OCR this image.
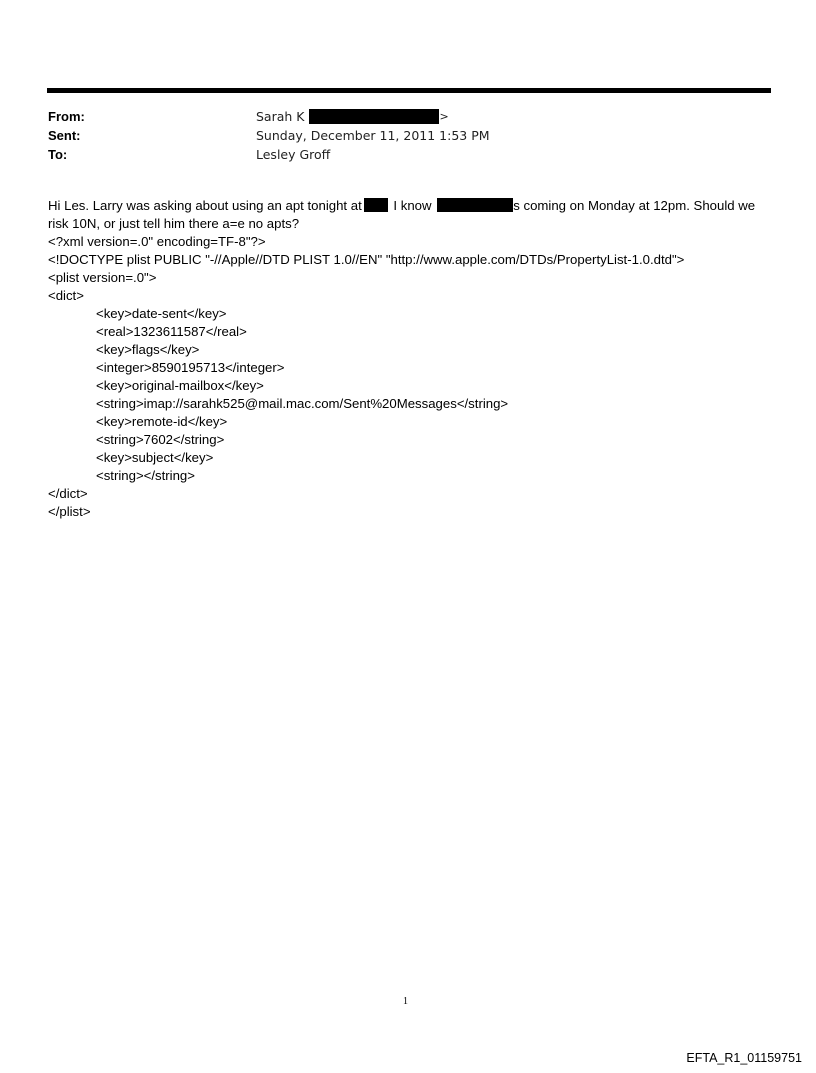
From:	Sarah K	>
Sent:	Sunday, December 11, 2011 1:53 PM
To:	Lesley Groff
Hi Les. Larry was asking about using an apt tonight at I know	s coming on Monday at 12pm. Should we
risk 10N, or just tell him there a=e no apts?
<?xml version=.0" encoding=TF-8"?>
<!DOCTYPE plist PUBLIC "-//Apple//DTD PLIST 1.0//EN" "http://www.apple.com/DTDs/PropertyList-1.0.dtd">
<plist version=.0">
<dict>
<key>date-sent</key>
<real>1323611587</real>
<key>flags</key>
<integer>8590195713</integer>
<key>original-mailbox</key>
<string>imap://sarahk525@mail.mac.com/Sent%20Messages</string>
<key>remote-id</key>
<string>7602</string>
<key>subject</key>
<string></string>
</dict>
</plist>
1
EFTA_R1_01159751
